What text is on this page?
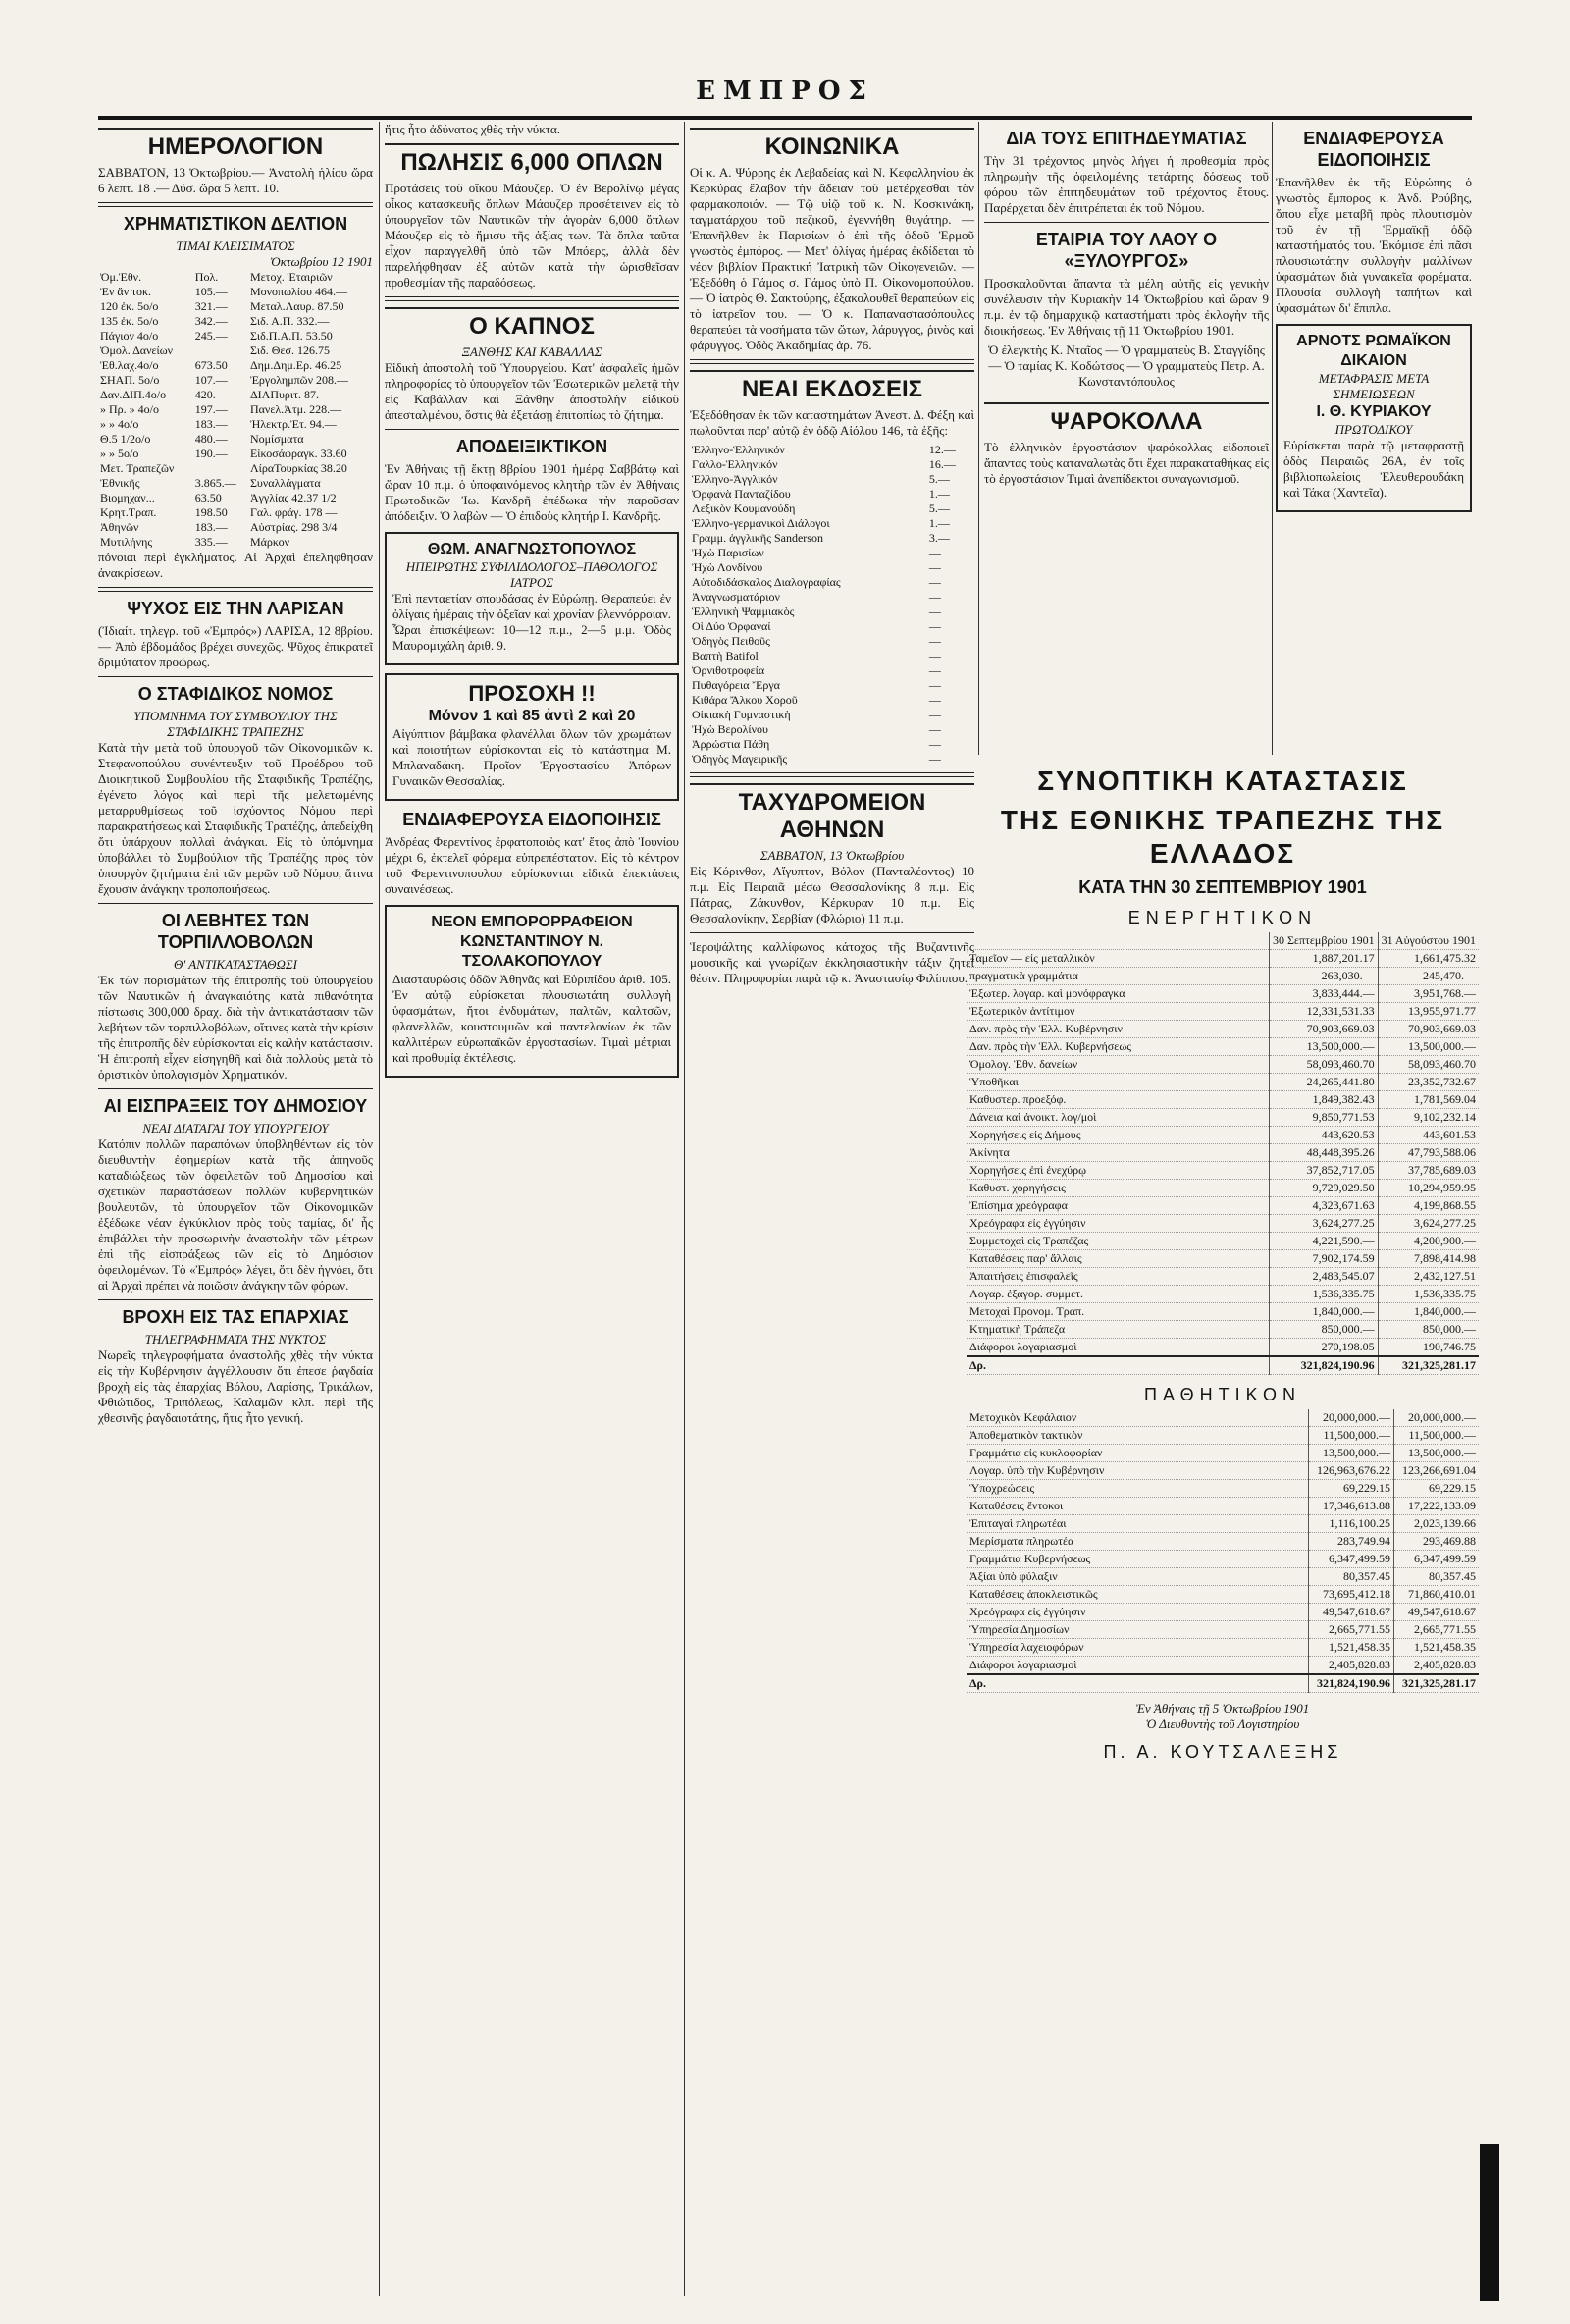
ΕΜΠΡΟΣ
ΗΜΕΡΟΛΟΓΙΟΝ

ΣΑΒΒΑΤΟΝ, 13 Ὀκτωβρίου.— Ἀνατολὴ ἡλίου ὥρα 6 λεπτ. 18 .— Δύσ. ὥρα 5 λεπτ. 10.

ΧΡΗΜΑΤΙΣΤΙΚΟΝ ΔΕΛΤΙΟΝ
ΤΙΜΑΙ ΚΛΕΙΣΙΜΑΤΟΣ
Ὀκτωβρίου 12 1901
Ὀμ.Ἐθν.	Πολ.	Μετοχ. Ἑταιριῶν
Ἐν ἄν τοκ.	105.—	Μονοπωλίου 464.—
120 ἐκ. 5ο/ο	321.—	Μεταλ.Λαυρ. 87.50
135 ἐκ. 5ο/ο	342.—	Σιδ. Α.Π. 332.—
Πάγιον 4ο/ο	245.—	Σιδ.Π.Α.Π. 53.50
Ὁμολ. Δανείων		Σιδ. Θεσ. 126.75
Ἐθ.λαχ.4ο/ο	673.50	Δημ.Δημ.Ερ. 46.25
ΣΗΑΠ. 5ο/ο	107.—	Ἐργολημπῶν 208.—
Δαν.ΔΙΠ.4ο/ο	420.—	ΔΙΑΠυριτ. 87.—
» Πρ. » 4ο/ο	197.—	Πανελ.Ἀτμ. 228.—
» » 4ο/ο	183.—	Ἠλεκτρ.Ἐτ. 94.—
Θ.5 1/2ο/ο	480.—	Νομίσματα
» » 5ο/ο	190.—	Εἰκοσάφραγκ. 33.60
Μετ. Τραπεζῶν		ΛίραΤουρκίας 38.20
Ἐθνικῆς	3.865.—	Συναλλάγματα
Βιομηχαν...	63.50	Ἀγγλίας 42.37 1/2
Κρητ.Τραπ.	198.50	Γαλ. φράγ. 178 —
Ἀθηνῶν	183.—	Αὐστρίας. 298 3/4
Μυτιλήνης	335.—	Μάρκον

πόνοιαι περὶ ἐγκλήματος. Αἱ Ἀρχαὶ ἐπεληφθησαν ἀνακρίσεων.

ΨΥΧΟΣ ΕΙΣ ΤΗΝ ΛΑΡΙΣΑΝ

(Ἰδιαίτ. τηλεγρ. τοῦ «Ἐμπρός») ΛΑΡΙΣΑ, 12 8βρίου.— Ἀπὸ ἑβδομάδος βρέχει συνεχῶς. Ψῦχος ἐπικρατεῖ δριμύτατον προώρως.

Ο ΣΤΑΦΙΔΙΚΟΣ ΝΟΜΟΣ
ΥΠΟΜΝΗΜΑ ΤΟΥ ΣΥΜΒΟΥΛΙΟΥ ΤΗΣ ΣΤΑΦΙΔΙΚΗΣ ΤΡΑΠΕΖΗΣ

Κατὰ τὴν μετὰ τοῦ ὑπουργοῦ τῶν Οἰκονομικῶν κ. Στεφανοπούλου συνέντευξιν τοῦ Προέδρου τοῦ Διοικητικοῦ Συμβουλίου τῆς Σταφιδικῆς Τραπέζης, ἐγένετο λόγος καὶ περὶ τῆς μελετωμένης μεταρρυθμίσεως τοῦ ἰσχύοντος Νόμου περὶ παρακρατήσεως καὶ Σταφιδικῆς Τραπέζης, ἀπεδείχθη ὅτι ὑπάρχουν πολλαὶ ἀνάγκαι. Εἰς τὸ ὑπόμνημα ὑποβάλλει τὸ Συμβούλιον τῆς Τραπέζης πρὸς τὸν ὑπουργὸν ζητήματα ἐπὶ τῶν μερῶν τοῦ Νόμου, ἅτινα ἔχουσιν ἀνάγκην τροποποιήσεως.

ΟΙ ΛΕΒΗΤΕΣ ΤΩΝ ΤΟΡΠΙΛΛΟΒΟΛΩΝ
Θ' ΑΝΤΙΚΑΤΑΣΤΑΘΩΣΙ

Ἐκ τῶν πορισμάτων τῆς ἐπιτροπῆς τοῦ ὑπουργείου τῶν Ναυτικῶν ἡ ἀναγκαιότης κατὰ πιθανότητα πίστωσις 300,000 δραχ. διὰ τὴν ἀντικατάστασιν τῶν λεβήτων τῶν τορπιλλοβόλων, οἵτινες κατὰ τὴν κρίσιν τῆς ἐπιτροπῆς δὲν εὑρίσκονται εἰς καλὴν κατάστασιν. Ἡ ἐπιτροπὴ εἶχεν εἰσηγηθῆ καὶ διὰ πολλοὺς μετὰ τὸ ὁριστικὸν ὑπολογισμὸν Χρηματικόν.

ΑΙ ΕΙΣΠΡΑΞΕΙΣ ΤΟΥ ΔΗΜΟΣΙΟΥ
ΝΕΑΙ ΔΙΑΤΑΓΑΙ ΤΟΥ ΥΠΟΥΡΓΕΙΟΥ

Κατόπιν πολλῶν παραπόνων ὑποβληθέντων εἰς τὸν διευθυντὴν ἐφημερίων κατὰ τῆς ἀπηνοῦς καταδιώξεως τῶν ὀφειλετῶν τοῦ Δημοσίου καὶ σχετικῶν παραστάσεων πολλῶν κυβερνητικῶν βουλευτῶν, τὸ ὑπουργεῖον τῶν Οἰκονομικῶν ἐξέδωκε νέαν ἐγκύκλιον πρὸς τοὺς ταμίας, δι' ἧς ἐπιβάλλει τὴν προσωρινὴν ἀναστολὴν τῶν μέτρων ἐπὶ τῆς εἰσπράξεως τῶν εἰς τὸ Δημόσιον ὀφειλομένων. Τὸ «Ἐμπρός» λέγει, ὅτι δὲν ἠγνόει, ὅτι αἱ Ἀρχαὶ πρέπει νὰ ποιῶσιν ἀνάγκην τῶν φόρων.

ΒΡΟΧΗ ΕΙΣ ΤΑΣ ΕΠΑΡΧΙΑΣ
ΤΗΛΕΓΡΑΦΗΜΑΤΑ ΤΗΣ ΝΥΚΤΟΣ

Νωρεῖς τηλεγραφήματα ἀναστολῆς χθὲς τὴν νύκτα εἰς τὴν Κυβέρνησιν ἀγγέλλουσιν ὅτι ἐπεσε ῥαγδαία βροχὴ εἰς τὰς ἐπαρχίας Βόλου, Λαρίσης, Τρικάλων, Φθιώτιδος, Τριπόλεως, Καλαμῶν κλπ. περὶ τῆς χθεσινῆς ῥαγδαιοτάτης, ἥτις ἦτο γενική.

ἥτις ἦτο ἀδύνατος χθὲς τὴν νύκτα.

ΠΩΛΗΣΙΣ 6,000 ΟΠΛΩΝ

Προτάσεις τοῦ οἴκου Μάουζερ. Ὁ ἐν Βερολίνῳ μέγας οἶκος κατασκευῆς ὅπλων Μάουζερ προσέτεινεν εἰς τὸ ὑπουργεῖον τῶν Ναυτικῶν τὴν ἀγορὰν 6,000 ὅπλων Μάουζερ εἰς τὸ ἥμισυ τῆς ἀξίας των. Τὰ ὅπλα ταῦτα εἶχον παραγγελθῆ ὑπὸ τῶν Μπόερς, ἀλλὰ δὲν παρελήφθησαν ἐξ αὐτῶν κατὰ τὴν ὡρισθεῖσαν προθεσμίαν τῆς παραδόσεως.

Ο ΚΑΠΝΟΣ
ΞΑΝΘΗΣ ΚΑΙ ΚΑΒΑΛΛΑΣ

Εἰδικὴ ἀποστολὴ τοῦ Ὑπουργείου. Κατ' ἀσφαλεῖς ἡμῶν πληροφορίας τὸ ὑπουργεῖον τῶν Ἐσωτερικῶν μελετᾷ τὴν εἰς Καβάλλαν καὶ Ξάνθην ἀποστολὴν εἰδικοῦ ἀπεσταλμένου, ὅστις θὰ ἐξετάσῃ ἐπιτοπίως τὸ ζήτημα.

ΑΠΟΔΕΙΞΙΚΤΙΚΟΝ

Ἐν Ἀθήναις τῇ ἕκτῃ 8βρίου 1901 ἡμέρᾳ Σαββάτῳ καὶ ὥραν 10 π.μ. ὁ ὑποφαινόμενος κλητὴρ τῶν ἐν Ἀθήναις Πρωτοδικῶν Ἰω. Κανδρῆ ἐπέδωκα τὴν παροῦσαν ἀπόδειξιν. Ὁ λαβὼν — Ὁ ἐπιδοὺς κλητήρ Ι. Κανδρῆς.

ΘΩΜ. ΑΝΑΓΝΩΣΤΟΠΟΥΛΟΣ
ΗΠΕΙΡΩΤΗΣ ΣΥΦΙΛΙΔΟΛΟΓΟΣ–ΠΑΘΟΛΟΓΟΣ ΙΑΤΡΟΣ

Ἐπὶ πενταετίαν σπουδάσας ἐν Εὐρώπῃ. Θεραπεύει ἐν ὀλίγαις ἡμέραις τὴν ὀξεῖαν καὶ χρονίαν βλεννόρροιαν. Ὧραι ἐπισκέψεων: 10—12 π.μ., 2—5 μ.μ. Ὁδὸς Μαυρομιχάλη ἀριθ. 9.

ΠΡΟΣΟΧΗ !!
Μόνον 1 καὶ 85 ἀντὶ 2 καὶ 20

Αἰγύπτιον βάμβακα φλανέλλαι ὅλων τῶν χρωμάτων καὶ ποιοτήτων εὑρίσκονται εἰς τὸ κατάστημα Μ. Μπλαναδάκη. Προῖον Ἐργοστασίου Ἀπόρων Γυναικῶν Θεσσαλίας.

ΕΝΔΙΑΦΕΡΟΥΣΑ ΕΙΔΟΠΟΙΗΣΙΣ

Ἀνδρέας Φερεντίνος ἐρφατοποιὸς κατ' ἔτος ἀπὸ Ἰουνίου μέχρι 6, ἐκτελεῖ φόρεμα εὐπρεπέστατον. Εἰς τὸ κέντρον τοῦ Φερεντινοπουλου εὑρίσκονται εἰδικὰ ἐπεκτάσεις συναινέσεως.

ΝΕΟΝ ΕΜΠΟΡΟΡΡΑΦΕΙΟΝ ΚΩΝΣΤΑΝΤΙΝΟΥ Ν. ΤΣΟΛΑΚΟΠΟΥΛΟΥ

Διασταυρώσις ὁδῶν Ἀθηνᾶς καὶ Εὐριπίδου ἀριθ. 105. Ἐν αὐτῷ εὑρίσκεται πλουσιωτάτη συλλογὴ ὑφασμάτων, ἤτοι ἐνδυμάτων, παλτῶν, καλτσῶν, φλανελλῶν, κουστουμιῶν καὶ παντελονίων ἐκ τῶν καλλιτέρων εὐρωπαϊκῶν ἐργοστασίων. Τιμαὶ μέτριαι καὶ προθυμίᾳ ἐκτέλεσις.

ΚΟΙΝΩΝΙΚΑ

Οἱ κ. Α. Ψύρρης ἐκ Λεβαδείας καὶ Ν. Κεφαλληνίου ἐκ Κερκύρας ἔλαβον τὴν ἄδειαν τοῦ μετέρχεσθαι τὸν φαρμακοποιόν. — Τῷ υἱῷ τοῦ κ. Ν. Κοσκινάκη, ταγματάρχου τοῦ πεζικοῦ, ἐγεννήθη θυγάτηρ. — Ἐπανῆλθεν ἐκ Παρισίων ὁ ἐπὶ τῆς ὁδοῦ Ἑρμοῦ γνωστὸς ἐμπόρος. — Μετ' ὀλίγας ἡμέρας ἐκδίδεται τὸ νέον βιβλίον Πρακτική Ἰατρικὴ τῶν Οἰκογενειῶν. — Ἐξεδόθη ὁ Γάμος σ. Γάμος ὑπὸ Π. Οἰκονομοπούλου. — Ὁ ἰατρὸς Θ. Σακτούρης, ἐξακολουθεῖ θεραπεύων εἰς τὸ ἰατρεῖον του. — Ὁ κ. Παπαναστασόπουλος θεραπεύει τὰ νοσήματα τῶν ὤτων, λάρυγγος, ῥινὸς καὶ φάρυγγος. Ὁδὸς Ἀκαδημίας ἀρ. 76.

ΝΕΑΙ ΕΚΔΟΣΕΙΣ

Ἐξεδόθησαν ἐκ τῶν καταστημάτων Ἀνεστ. Δ. Φέξη καὶ πωλοῦνται παρ' αὐτῷ ἐν ὁδῷ Αἰόλου 146, τὰ ἑξῆς:

Ἑλληνο-Ἑλληνικόν	12.—
Γαλλο-Ἑλληνικόν	16.—
Ἑλληνο-Ἀγγλικόν	5.—
Ὀρφανὰ Πανταζίδου	1.—
Λεξικὸν Κουμανούδη	5.—
Ἑλληνο-γερμανικοὶ Διάλογοι	1.—
Γραμμ. ἀγγλικῆς Sanderson	3.—
Ἠχὼ Παρισίων	—
Ἠχὼ Λονδίνου	—
Αὐτοδιδάσκαλος Διαλογραφίας	—
Ἀναγνωσματάριον	—
Ἑλληνικὴ Ψαμμιακὸς	—
Οἱ Δύο Ὀρφαναί	—
Ὁδηγὸς Πειθοῦς	—
Βαπτὴ Batifol	—
Ὀρνιθοτροφεία	—
Πυθαγόρεια Ἔργα	—
Κιθάρα Ἄλκου Χοροῦ	—
Οἰκιακὴ Γυμναστικὴ	—
Ἠχὼ Βερολίνου	—
Ἀρρώστια Πάθη	—
Ὁδηγὸς Μαγειρικῆς	—
ΤΑΧΥΔΡΟΜΕΙΟΝ ΑΘΗΝΩΝ
ΣΑΒΒΑΤΟΝ, 13 Ὀκτωβρίου

Εἰς Κόρινθον, Αἴγυπτον, Βόλον (Πανταλέοντος) 10 π.μ. Εἰς Πειραιᾶ μέσω Θεσσαλονίκης 8 π.μ. Εἰς Πάτρας, Ζάκυνθον, Κέρκυραν 10 π.μ. Εἰς Θεσσαλονίκην, Σερβίαν (Φλώριο) 11 π.μ.

Ἱεροψάλτης καλλίφωνος κάτοχος τῆς Βυζαντινῆς μουσικῆς καὶ γνωρίζων ἐκκλησιαστικὴν τάξιν ζητεῖ θέσιν. Πληροφορίαι παρὰ τῷ κ. Ἀναστασίῳ Φιλίππου.

ΔΙΑ ΤΟΥΣ ΕΠΙΤΗΔΕΥΜΑΤΙΑΣ

Τὴν 31 τρέχοντος μηνὸς λήγει ἡ προθεσμία πρὸς πληρωμὴν τῆς ὀφειλομένης τετάρτης δόσεως τοῦ φόρου τῶν ἐπιτηδευμάτων τοῦ τρέχοντος ἔτους. Παρέρχεται δὲν ἐπιτρέπεται ἐκ τοῦ Νόμου.

ΕΤΑΙΡΙΑ ΤΟΥ ΛΑΟΥ Ο «ΞΥΛΟΥΡΓΟΣ»

Προσκαλοῦνται ἅπαντα τὰ μέλη αὐτῆς εἰς γενικὴν συνέλευσιν τὴν Κυριακὴν 14 Ὀκτωβρίου καὶ ὥραν 9 π.μ. ἐν τῷ δημαρχικῷ καταστήματι πρὸς ἐκλογὴν τῆς διοικήσεως. Ἐν Ἀθήναις τῇ 11 Ὀκτωβρίου 1901.

Ὁ ἐλεγκτὴς Κ. Νταῖος — Ὁ γραμματεὺς Β. Σταγγίδης — Ὁ ταμίας Κ. Κοδώτσος — Ὁ γραμματεὺς Πετρ. Α. Κωνσταντόπουλος

ΨΑΡΟΚΟΛΛΑ

Τὸ ἑλληνικὸν ἐργοστάσιον ψαρόκολλας εἰδοποιεῖ ἅπαντας τοὺς καταναλωτὰς ὅτι ἔχει παρακαταθήκας εἰς τὸ ἐργοστάσιον Τιμαὶ ἀνεπίδεκτοι συναγωνισμοῦ.

ΕΝΔΙΑΦΕΡΟΥΣΑ ΕΙΔΟΠΟΙΗΣΙΣ

Ἐπανῆλθεν ἐκ τῆς Εὐρώπης ὁ γνωστὸς ἔμπορος κ. Ἀνδ. Ρούβης, ὅπου εἶχε μεταβῆ πρὸς πλουτισμὸν τοῦ ἐν τῇ Ἑρμαϊκῇ ὁδῷ καταστήματός του. Ἐκόμισε ἐπὶ πᾶσι πλουσιωτάτην συλλογὴν μαλλίνων ὑφασμάτων διὰ γυναικεῖα φορέματα. Πλουσία συλλογὴ ταπήτων καὶ ὑφασμάτων δι' ἔπιπλα.

ΑΡΝΟΤΣ ΡΩΜΑΪΚΟΝ ΔΙΚΑΙΟΝ
ΜΕΤΑΦΡΑΣΙΣ ΜΕΤΑ ΣΗΜΕΙΩΣΕΩΝ
Ι. Θ. ΚΥΡΙΑΚΟΥ
ΠΡΩΤΟΔΙΚΟΥ

Εὑρίσκεται παρὰ τῷ μεταφραστῇ ὁδὸς Πειραιῶς 26Α, ἐν τοῖς βιβλιοπωλείοις Ἐλευθερουδάκη καὶ Τάκα (Χαντεῖα).

ΣΥΝΟΠΤΙΚΗ ΚΑΤΑΣΤΑΣΙΣ
ΤΗΣ ΕΘΝΙΚΗΣ ΤΡΑΠΕΖΗΣ ΤΗΣ ΕΛΛΑΔΟΣ
ΚΑΤΑ ΤΗΝ 30 ΣΕΠΤΕΜΒΡΙΟΥ 1901
ΕΝΕΡΓΗΤΙΚΟΝ
	30 Σεπτεμβρίου 1901	31 Αὐγούστου 1901
Ταμεῖον — εἰς μεταλλικὸν	1,887,201.17	1,661,475.32
πραγματικὰ γραμμάτια	263,030.—	245,470.—
Ἐξωτερ. λογαρ. καὶ μονόφραγκα	3,833,444.—	3,951,768.—
Ἐξωτερικὸν ἀντίτιμον	12,331,531.33	13,955,971.77
Δαν. πρὸς τὴν Ἑλλ. Κυβέρνησιν	70,903,669.03	70,903,669.03
Δαν. πρὸς τὴν Ἑλλ. Κυβερνήσεως	13,500,000.—	13,500,000.—
Ὁμολογ. Ἐθν. δανείων	58,093,460.70	58,093,460.70
Ὑποθῆκαι	24,265,441.80	23,352,732.67
Καθυστερ. προεξόφ.	1,849,382.43	1,781,569.04
Δάνεια καὶ ἀνοικτ. λογ/μοὶ	9,850,771.53	9,102,232.14
Χορηγήσεις εἰς Δήμους	443,620.53	443,601.53
Ἀκίνητα	48,448,395.26	47,793,588.06
Χορηγήσεις ἐπὶ ἐνεχύρῳ	37,852,717.05	37,785,689.03
Καθυστ. χορηγήσεις	9,729,029.50	10,294,959.95
Ἐπίσημα χρεόγραφα	4,323,671.63	4,199,868.55
Χρεόγραφα εἰς ἐγγύησιν	3,624,277.25	3,624,277.25
Συμμετοχαὶ εἰς Τραπέζας	4,221,590.—	4,200,900.—
Καταθέσεις παρ' ἄλλαις	7,902,174.59	7,898,414.98
Ἀπαιτήσεις ἐπισφαλεῖς	2,483,545.07	2,432,127.51
Λογαρ. ἐξαγορ. συμμετ.	1,536,335.75	1,536,335.75
Μετοχαὶ Προνομ. Τραπ.	1,840,000.—	1,840,000.—
Κτηματικὴ Τράπεζα	850,000.—	850,000.—
Διάφοροι λογαριασμοὶ	270,198.05	190,746.75
Δρ.	321,824,190.96	321,325,281.17
ΠΑΘΗΤΙΚΟΝ
Μετοχικὸν Κεφάλαιον	20,000,000.—	20,000,000.—
Ἀποθεματικὸν τακτικὸν	11,500,000.—	11,500,000.—
Γραμμάτια εἰς κυκλοφορίαν	13,500,000.—	13,500,000.—
Λογαρ. ὑπὸ τὴν Κυβέρνησιν	126,963,676.22	123,266,691.04
Ὑποχρεώσεις	69,229.15	69,229.15
Καταθέσεις ἔντοκοι	17,346,613.88	17,222,133.09
Ἐπιταγαὶ πληρωτέαι	1,116,100.25	2,023,139.66
Μερίσματα πληρωτέα	283,749.94	293,469.88
Γραμμάτια Κυβερνήσεως	6,347,499.59	6,347,499.59
Ἀξίαι ὑπὸ φύλαξιν	80,357.45	80,357.45
Καταθέσεις ἀποκλειστικῶς	73,695,412.18	71,860,410.01
Χρεόγραφα εἰς ἐγγύησιν	49,547,618.67	49,547,618.67
Ὑπηρεσία Δημοσίων	2,665,771.55	2,665,771.55
Ὑπηρεσία λαχειοφόρων	1,521,458.35	1,521,458.35
Διάφοροι λογαριασμοὶ	2,405,828.83	2,405,828.83
Δρ.	321,824,190.96	321,325,281.17
Ἐν Ἀθήναις τῇ 5 Ὀκτωβρίου 1901
Ὁ Διευθυντὴς τοῦ Λογιστηρίου
Π. Α. ΚΟΥΤΣΑΛΕΞΗΣ
